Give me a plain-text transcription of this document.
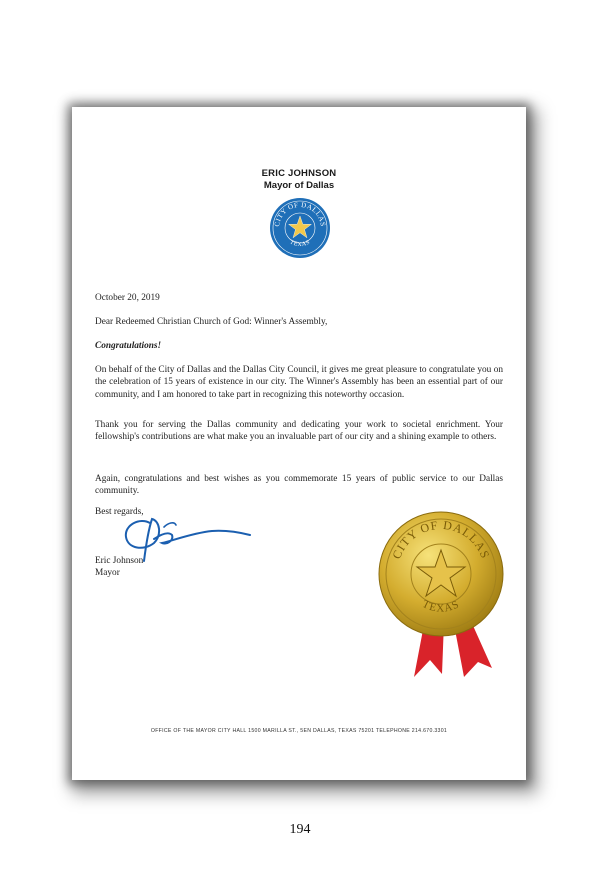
ERIC JOHNSON
Mayor of Dallas
CITY OF DALLAS
TEXAS
October 20, 2019
Dear Redeemed Christian Church of God: Winner's Assembly,
Congratulations!
On behalf of the City of Dallas and the Dallas City Council, it gives me great pleasure to congratulate you on the celebration of 15 years of existence in our city. The Winner's Assembly has been an essential part of our community, and I am honored to take part in recognizing this noteworthy occasion.
Thank you for serving the Dallas community and dedicating your work to societal enrichment. Your fellowship's contributions are what make you an invaluable part of our city and a shining example to others.
Again, congratulations and best wishes as you commemorate 15 years of public service to our Dallas community.
Best regards,
Eric Johnson
Mayor
CITY OF DALLAS
TEXAS
OFFICE OF THE MAYOR CITY HALL 1500 MARILLA ST., 5EN DALLAS, TEXAS 75201 TELEPHONE 214.670.3301
194
